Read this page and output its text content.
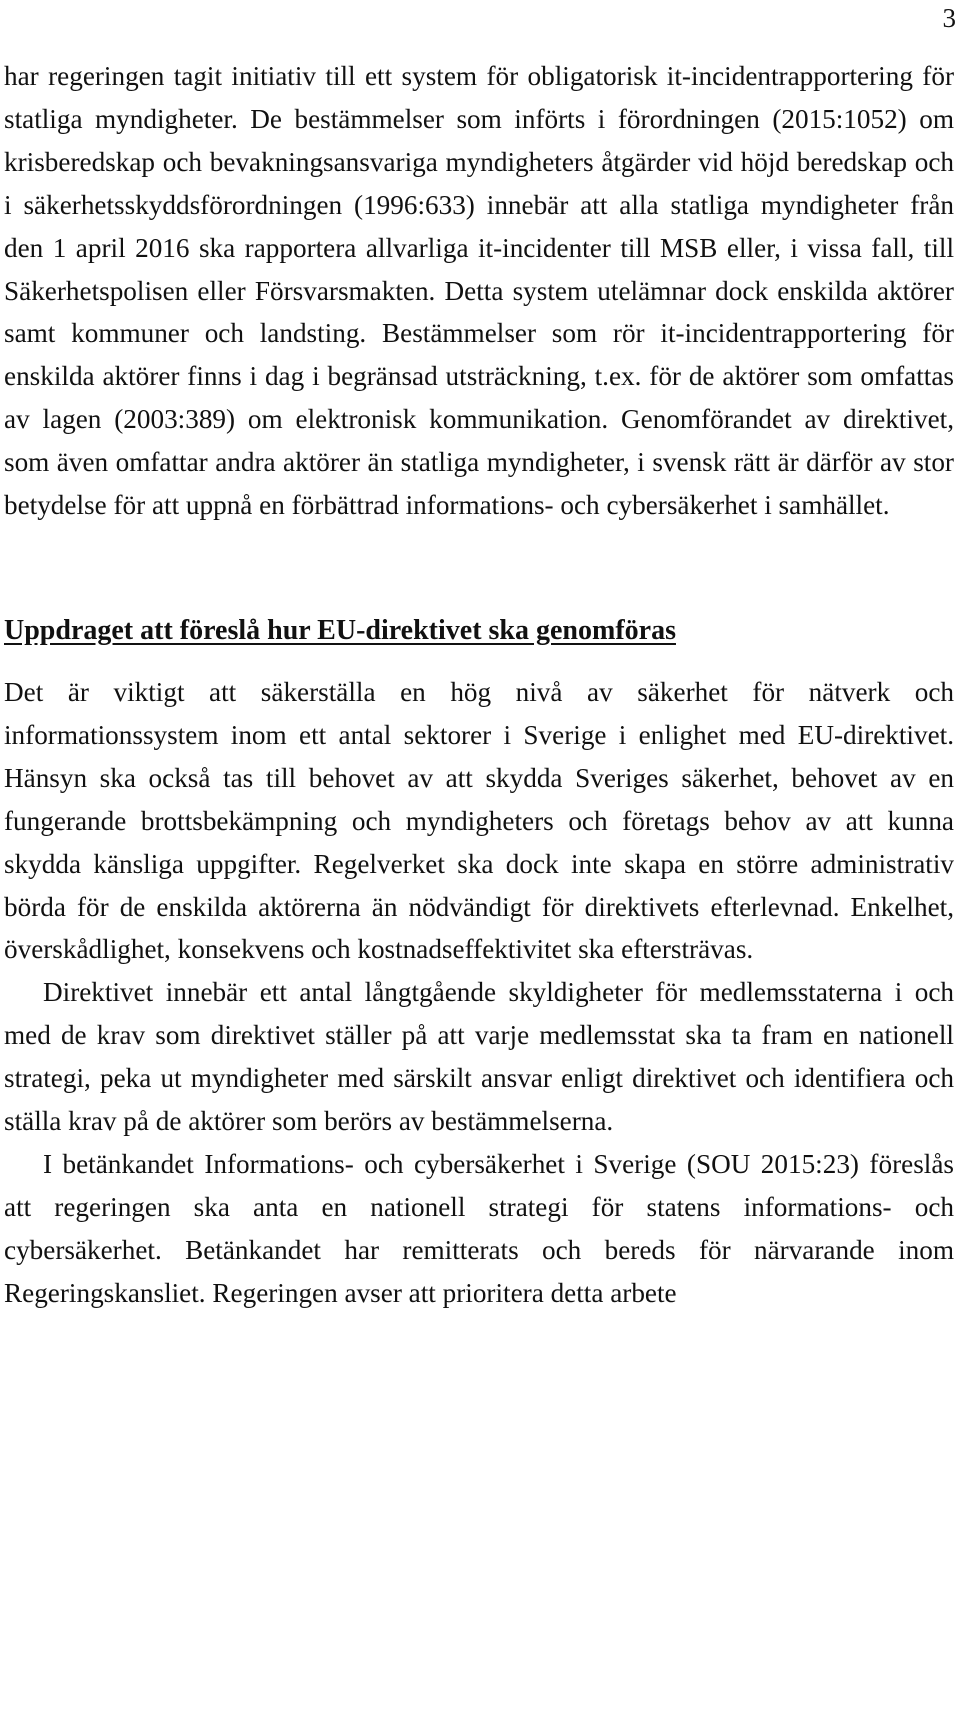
3

har regeringen tagit initiativ till ett system för obligatorisk it-incidentrapportering för statliga myndigheter. De bestämmelser som införts i förordningen (2015:1052) om krisberedskap och bevakningsansvariga myndigheters åtgärder vid höjd beredskap och i säkerhetsskyddsförordningen (1996:633) innebär att alla statliga myndigheter från den 1 april 2016 ska rapportera allvarliga it-incidenter till MSB eller, i vissa fall, till Säkerhetspolisen eller Försvarsmakten. Detta system utelämnar dock enskilda aktörer samt kommuner och landsting. Bestämmelser som rör it-incidentrapportering för enskilda aktörer finns i dag i begränsad utsträckning, t.ex. för de aktörer som omfattas av lagen (2003:389) om elektronisk kommunikation. Genomförandet av direktivet, som även omfattar andra aktörer än statliga myndigheter, i svensk rätt är därför av stor betydelse för att uppnå en förbättrad informations- och cybersäkerhet i samhället.

Uppdraget att föreslå hur EU-direktivet ska genomföras

Det är viktigt att säkerställa en hög nivå av säkerhet för nätverk och informationssystem inom ett antal sektorer i Sverige i enlighet med EU-direktivet. Hänsyn ska också tas till behovet av att skydda Sveriges säkerhet, behovet av en fungerande brottsbekämpning och myndigheters och företags behov av att kunna skydda känsliga uppgifter. Regelverket ska dock inte skapa en större administrativ börda för de enskilda aktörerna än nödvändigt för direktivets efterlevnad. Enkelhet, överskådlighet, konsekvens och kostnadseffektivitet ska eftersträvas.

Direktivet innebär ett antal långtgående skyldigheter för medlemsstaterna i och med de krav som direktivet ställer på att varje medlemsstat ska ta fram en nationell strategi, peka ut myndigheter med särskilt ansvar enligt direktivet och identifiera och ställa krav på de aktörer som berörs av bestämmelserna.

I betänkandet Informations- och cybersäkerhet i Sverige (SOU 2015:23) föreslås att regeringen ska anta en nationell strategi för statens informations- och cybersäkerhet. Betänkandet har remitterats och bereds för närvarande inom Regeringskansliet. Regeringen avser att prioritera detta arbete
